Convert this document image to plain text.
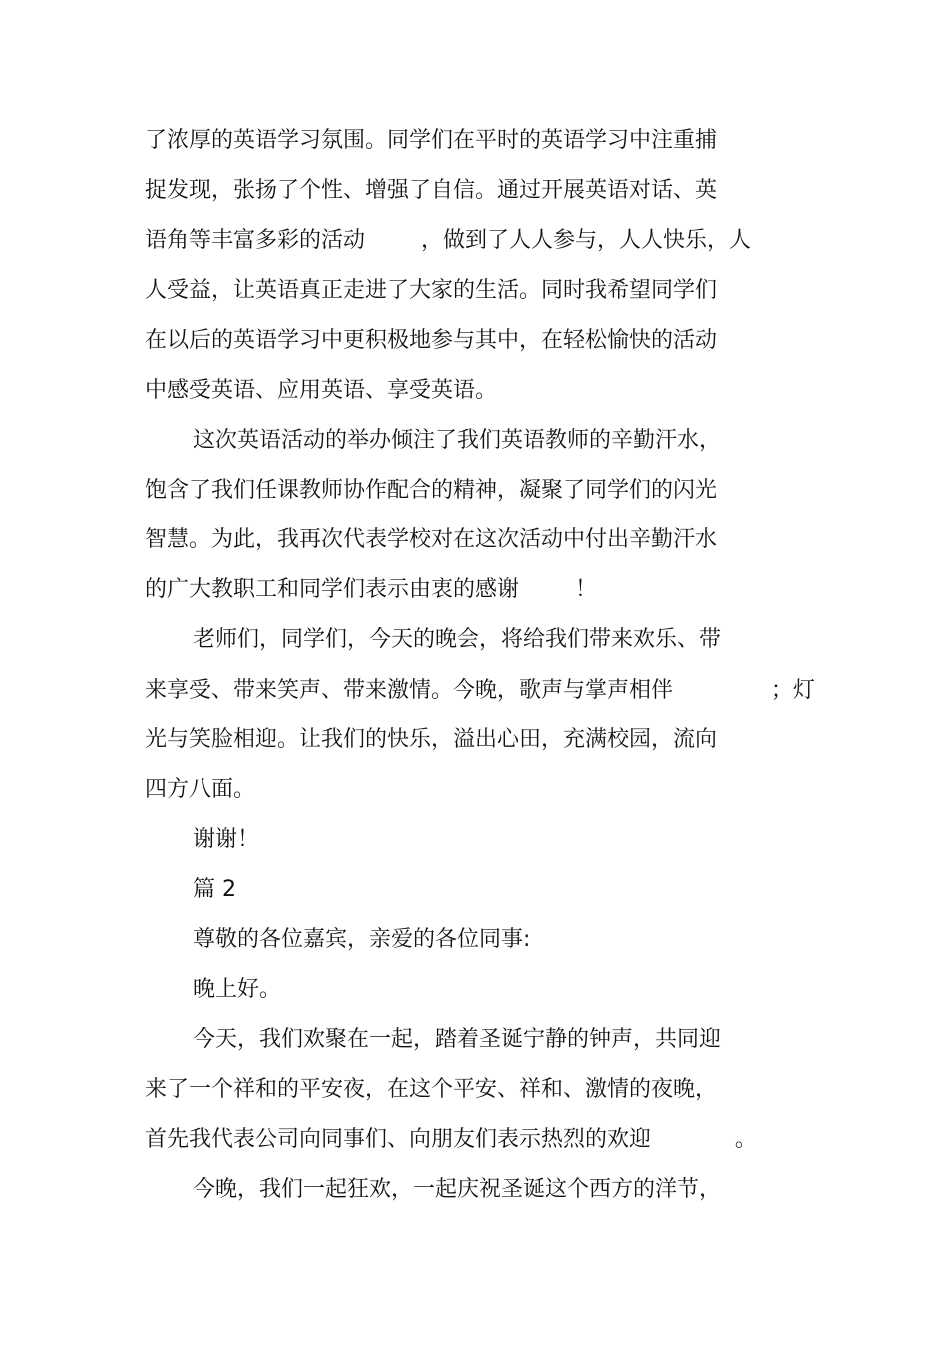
了浓厚的英语学习氛围。同学们在平时的英语学习中注重捕
捉发现，张扬了个性、增强了自信。通过开展英语对话、英
语角等丰富多彩的活动        ，做到了人人参与，人人快乐，人
人受益，让英语真正走进了大家的生活。同时我希望同学们
在以后的英语学习中更积极地参与其中，在轻松愉快的活动
中感受英语、应用英语、享受英语。
这次英语活动的举办倾注了我们英语教师的辛勤汗水，
饱含了我们任课教师协作配合的精神，凝聚了同学们的闪光
智慧。为此，我再次代表学校对在这次活动中付出辛勤汗水
的广大教职工和同学们表示由衷的感谢        ！
老师们，同学们，今天的晚会，将给我们带来欢乐、带
来享受、带来笑声、带来激情。今晚，歌声与掌声相伴              ；灯
光与笑脸相迎。让我们的快乐，溢出心田，充满校园，流向
四方八面。
谢谢！
篇 2
尊敬的各位嘉宾，亲爱的各位同事:
晚上好。
今天，我们欢聚在一起，踏着圣诞宁静的钟声，共同迎
来了一个祥和的平安夜，在这个平安、祥和、激情的夜晚，
首先我代表公司向同事们、向朋友们表示热烈的欢迎            。
今晚，我们一起狂欢，一起庆祝圣诞这个西方的洋节，
